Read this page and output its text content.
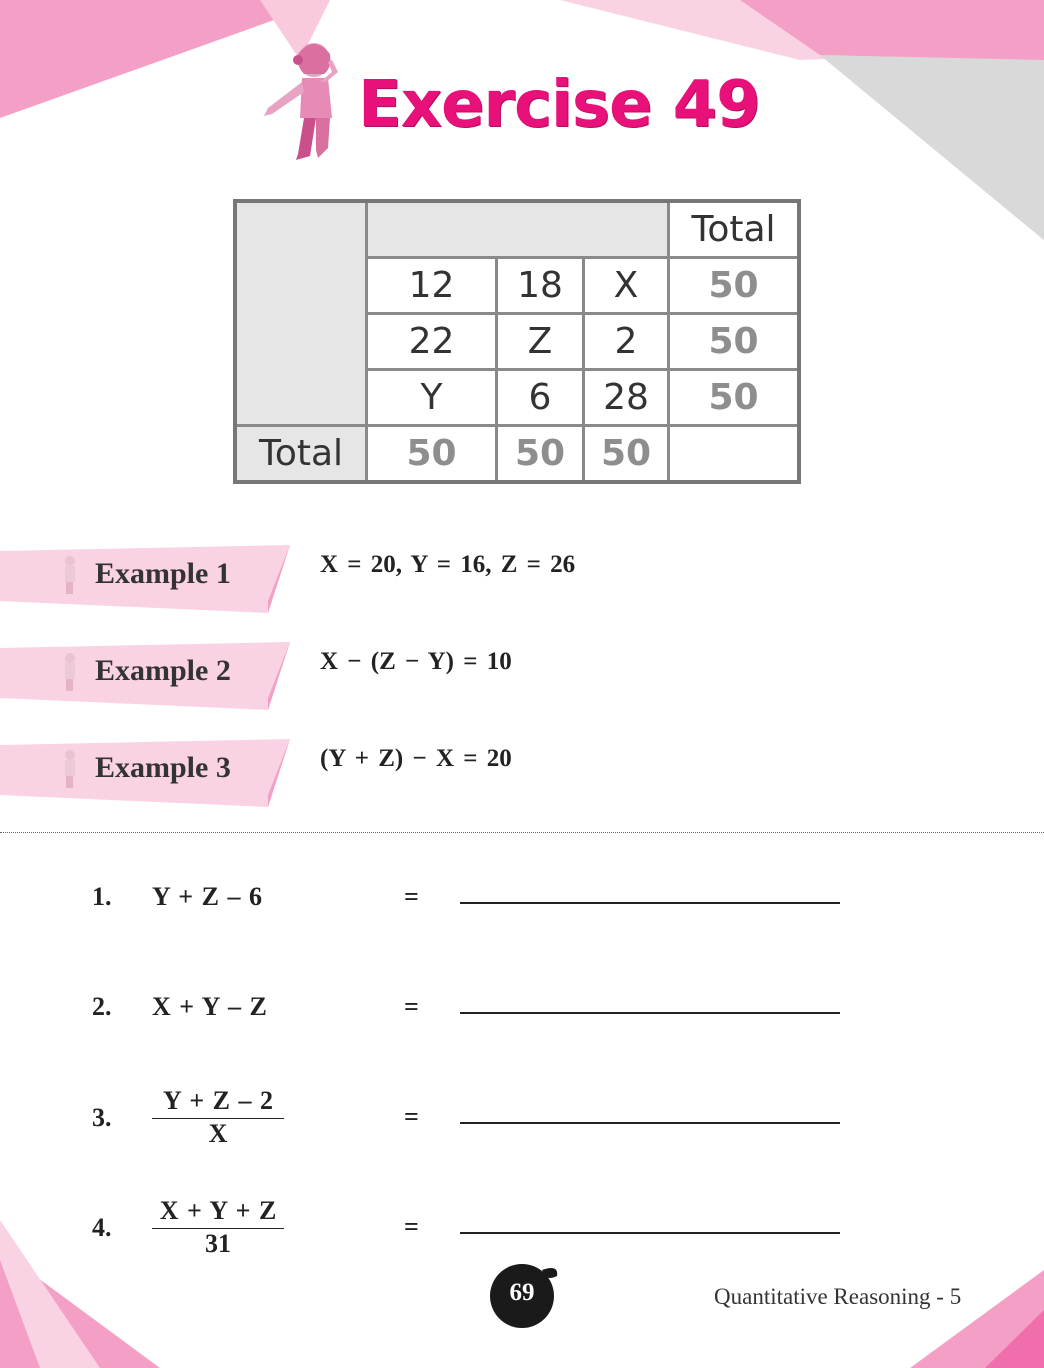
Exercise 49
				Total
	12	18	X	50
	22	Z	2	50
	Y	6	28	50
Total	50	50	50	
Example 1	X = 20, Y = 16, Z = 26
Example 2	X − (Z − Y) = 10
Example 3	(Y + Z) − X = 20
1. Y + Z – 6	=
2. X + Y – Z	=
3. $\frac{Y + Z - 2}{X}$	=
4. $\frac{X + Y + Z}{31}$	=
69	Quantitative Reasoning - 5
